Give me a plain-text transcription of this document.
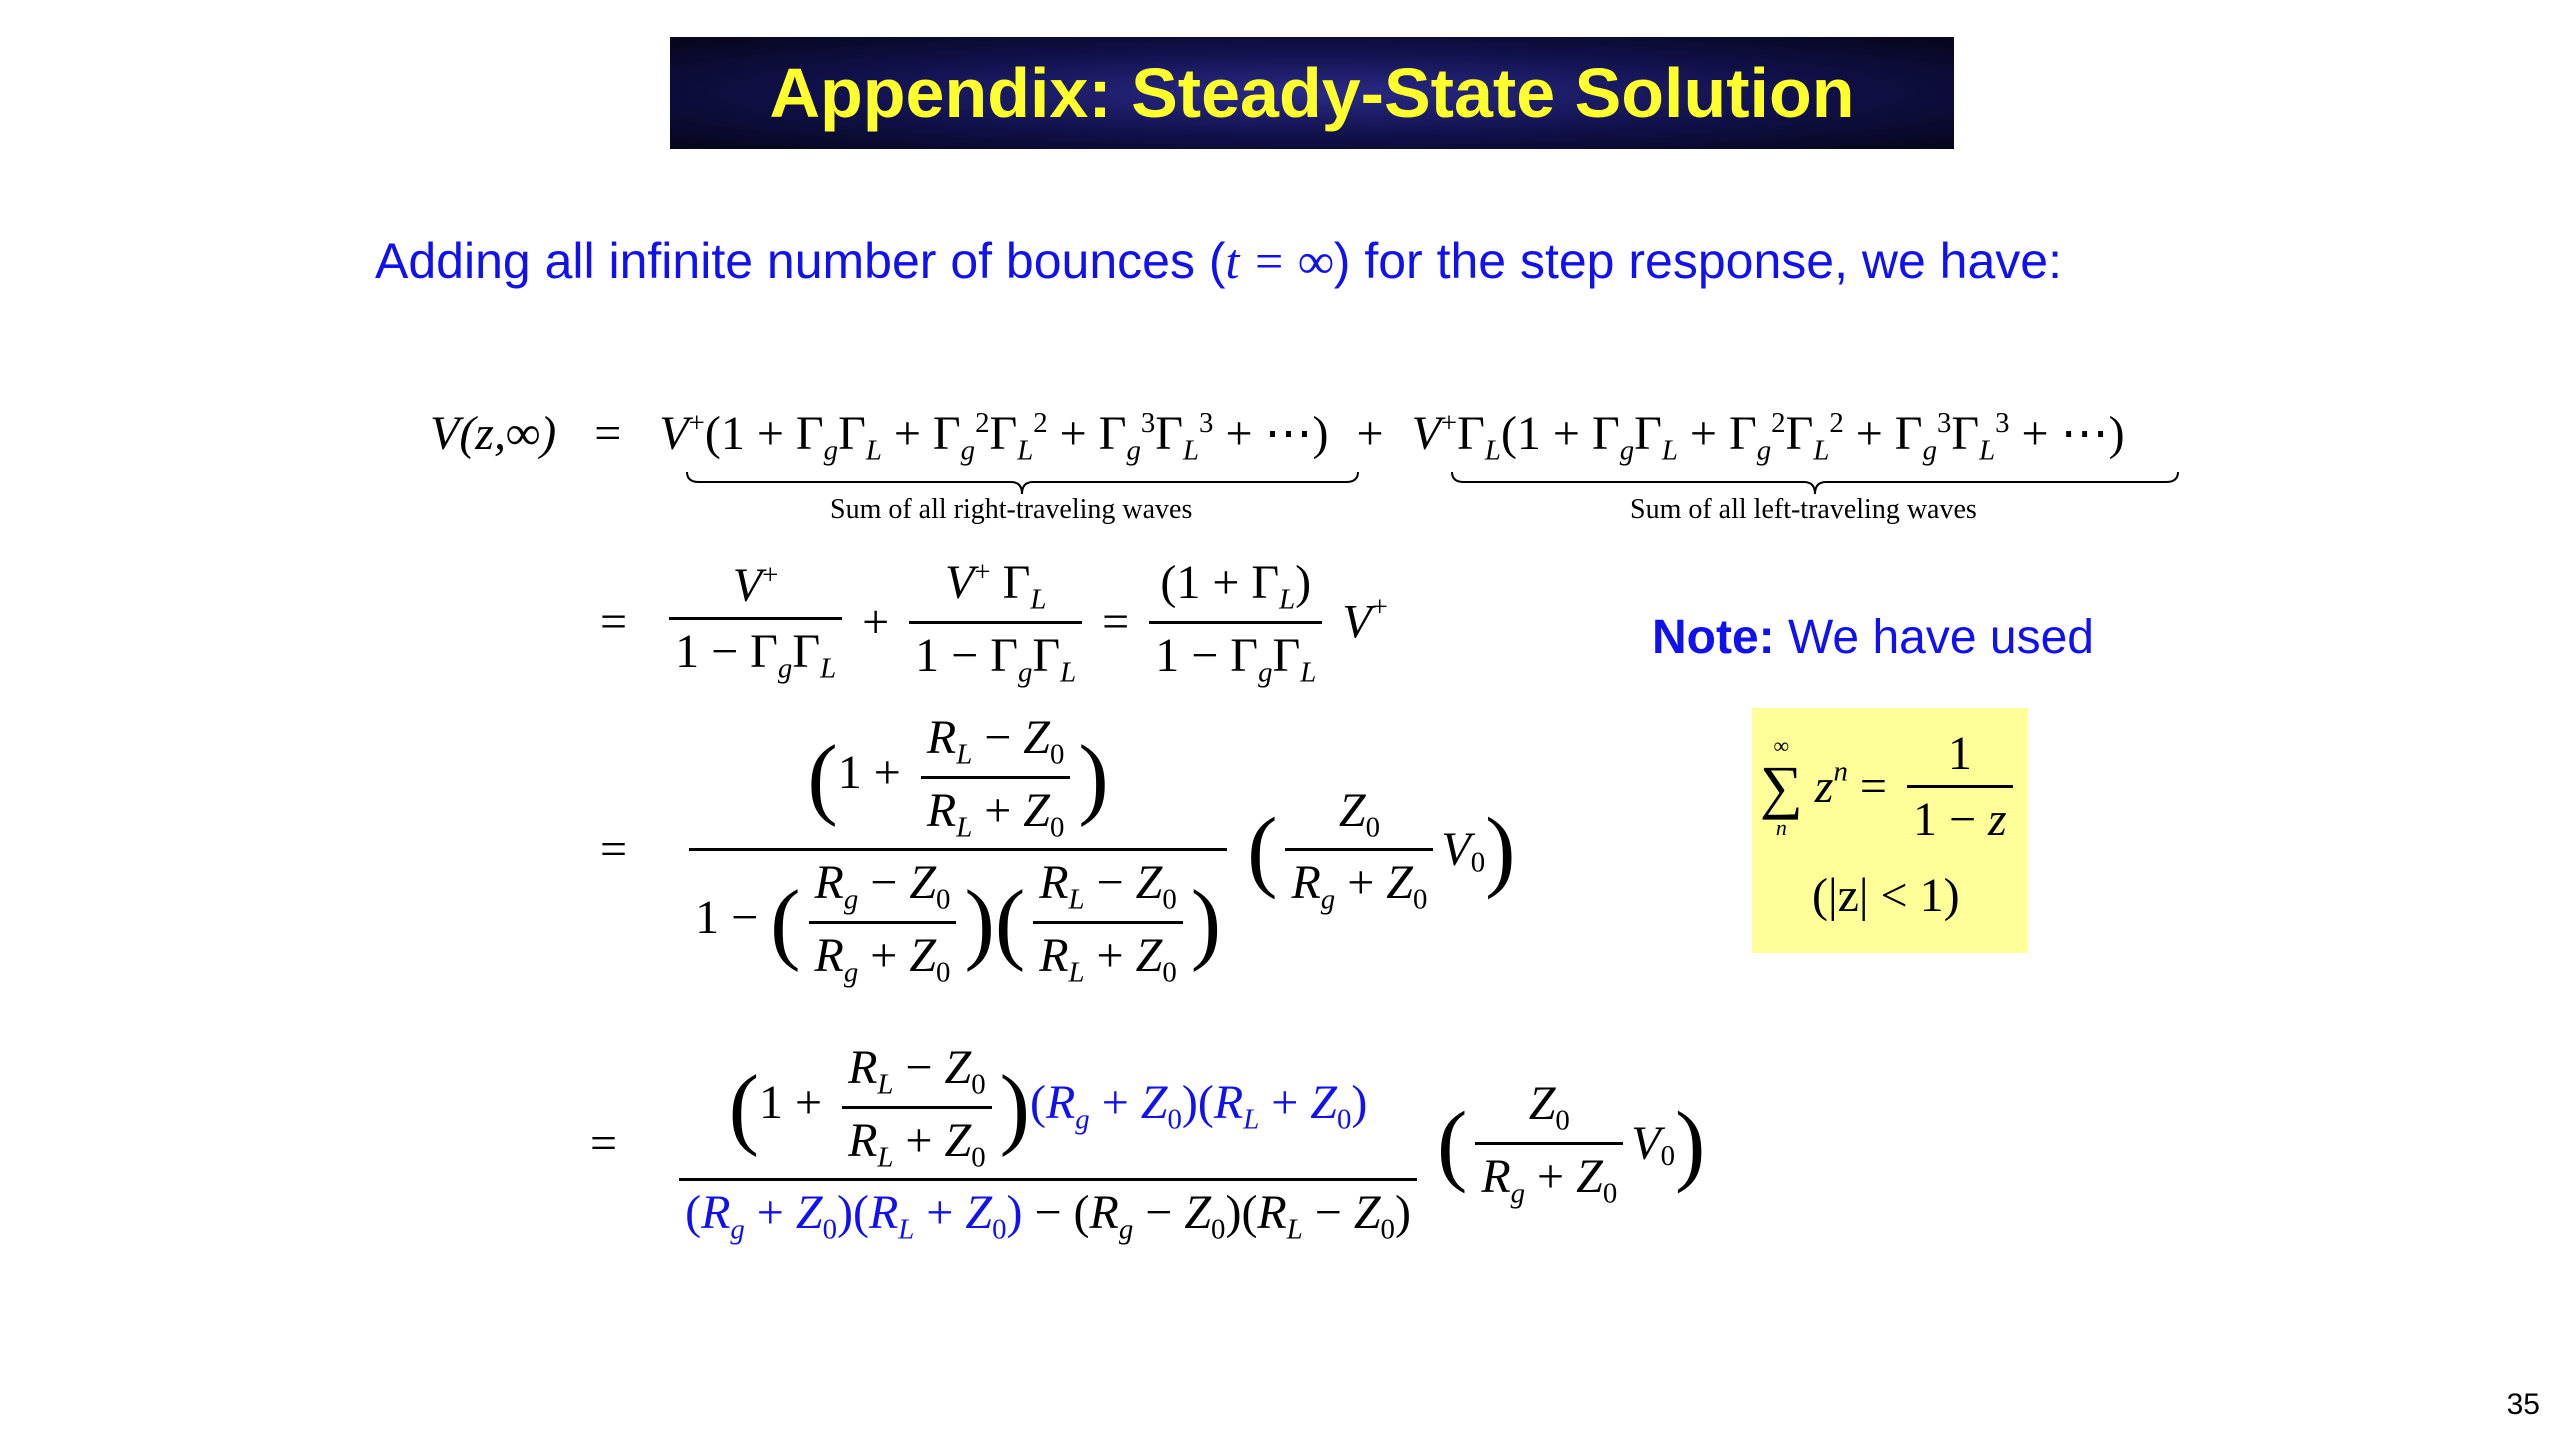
Appendix: Steady-State Solution
Adding all infinite number of bounces (t = ∞) for the step response, we have:
$V(z,\infty) = V^+(1 + \Gamma_g\Gamma_L + \Gamma_g^2\Gamma_L^2 + \Gamma_g^3\Gamma_L^3$ + ⋯) + $V^+\Gamma_L(1 + \Gamma_g\Gamma_L + \Gamma_g^2\Gamma_L^2 + \Gamma_g^3\Gamma_L^3$ + ⋯)
Sum of all right-traveling waves	Sum of all left-traveling waves
= $\frac{V^+}{1 - \Gamma_g\Gamma_L} + \frac{V^+ \Gamma_L}{1 - \Gamma_g\Gamma_L} = \frac{(1 + \Gamma_L)}{1 - \Gamma_g\Gamma_L} V^+$
Note: We have used
∞
∑
n
$z^n = \frac{1}{1 - z}$
(|z| < 1)
= $\frac{(1 + \frac{R_L - Z_0}{R_L + Z_0} )}{1 - ( \frac{R_g - Z_0}{R_g + Z_0} )( \frac{R_L - Z_0}{R_L + Z_0} )}$ ( $\frac{Z_0}{R_g + Z_0} V_0$)
= $\frac{(1 + \frac{R_L - Z_0}{R_L + Z_0} )(R_g + Z_0)(R_L + Z_0)}{(R_g + Z_0)(R_L + Z_0) - (R_g - Z_0)(R_L - Z_0)}$ ( $\frac{Z_0}{R_g + Z_0} V_0$)
35
